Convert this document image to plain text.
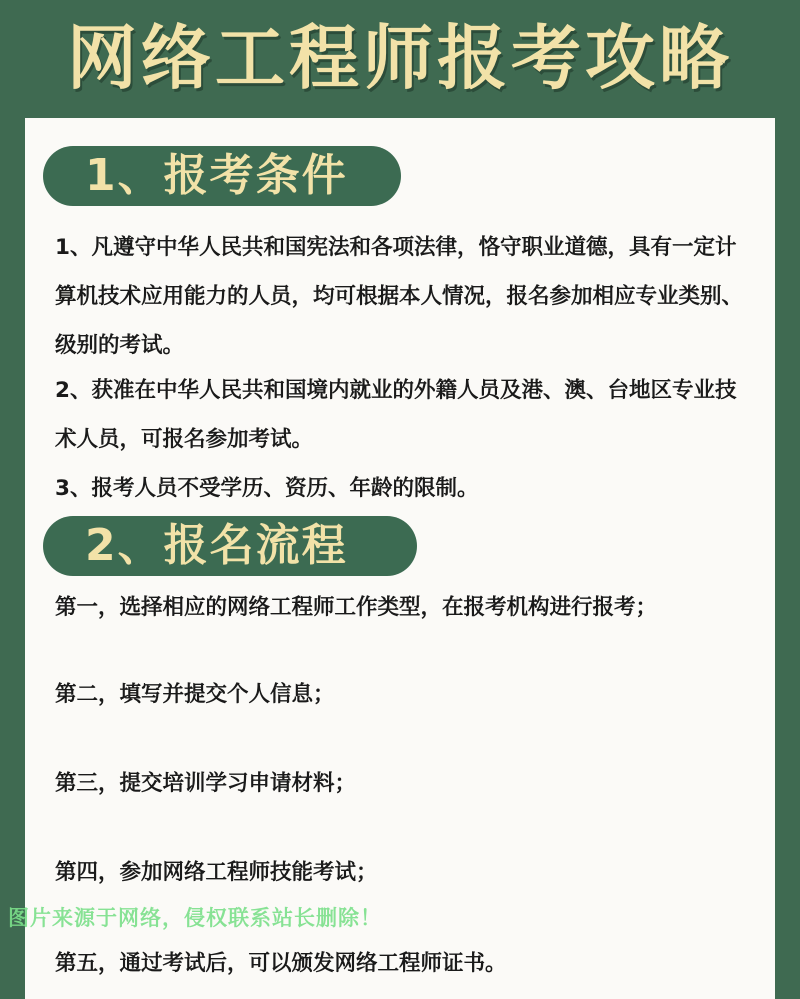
网络工程师报考攻略
1、报考条件

1、凡遵守中华人民共和国宪法和各项法律，恪守职业道德，具有一定计算机技术应用能力的人员，均可根据本人情况，报名参加相应专业类别、级别的考试。

2、获准在中华人民共和国境内就业的外籍人员及港、澳、台地区专业技术人员，可报名参加考试。

3、报考人员不受学历、资历、年龄的限制。

2、报名流程

第一，选择相应的网络工程师工作类型，在报考机构进行报考；

第二，填写并提交个人信息；

第三，提交培训学习申请材料；

第四，参加网络工程师技能考试；

第五，通过考试后，可以颁发网络工程师证书。

图片来源于网络，侵权联系站长删除！
